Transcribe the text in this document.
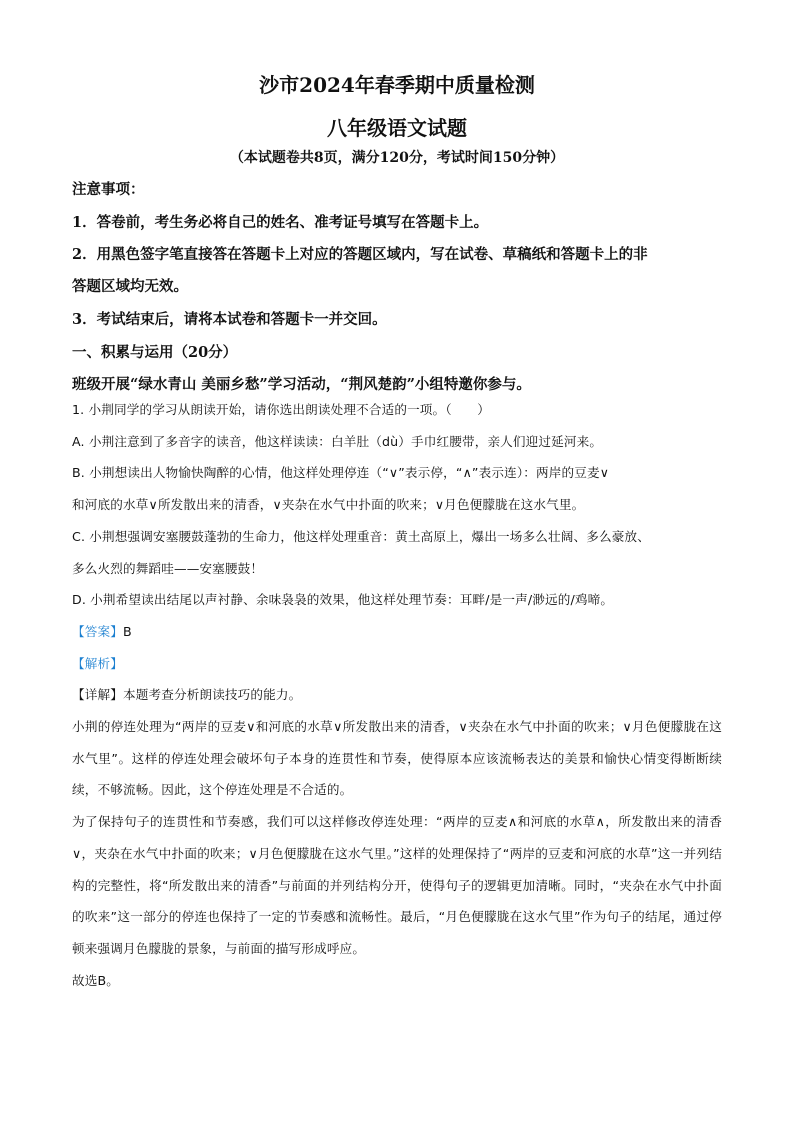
沙市2024年春季期中质量检测
八年级语文试题
（本试题卷共8页，满分120分，考试时间150分钟）
注意事项：
1．答卷前，考生务必将自己的姓名、准考证号填写在答题卡上。
2．用黑色签字笔直接答在答题卡上对应的答题区域内，写在试卷、草稿纸和答题卡上的非
答题区域均无效。
3．考试结束后，请将本试卷和答题卡一并交回。
一、积累与运用（20分）
班级开展“绿水青山 美丽乡愁”学习活动，“荆风楚韵”小组特邀你参与。

1. 小荆同学的学习从朗读开始，请你选出朗读处理不合适的一项。（　　）

A. 小荆注意到了多音字的读音，他这样读读：白羊肚（dù）手巾红腰带，亲人们迎过延河来。

B. 小荆想读出人物愉快陶醉的心情，他这样处理停连（“∨”表示停，“∧”表示连）：两岸的豆麦∨

和河底的水草∨所发散出来的清香，∨夹杂在水气中扑面的吹来；∨月色便朦胧在这水气里。

C. 小荆想强调安塞腰鼓蓬勃的生命力，他这样处理重音：黄土高原上，爆出一场多么壮阔、多么豪放、

多么火烈的舞蹈哇——安塞腰鼓！

D. 小荆希望读出结尾以声衬静、余味袅袅的效果，他这样处理节奏：耳畔/是一声/渺远的/鸡啼。

【答案】B

【解析】

【详解】本题考查分析朗读技巧的能力。

小荆的停连处理为“两岸的豆麦∨和河底的水草∨所发散出来的清香，∨夹杂在水气中扑面的吹来；∨月色便朦胧在这水气里”。这样的停连处理会破坏句子本身的连贯性和节奏，使得原本应该流畅表达的美景和愉快心情变得断断续续，不够流畅。因此，这个停连处理是不合适的。

为了保持句子的连贯性和节奏感，我们可以这样修改停连处理：“两岸的豆麦∧和河底的水草∧，所发散出来的清香∨，夹杂在水气中扑面的吹来；∨月色便朦胧在这水气里。”这样的处理保持了“两岸的豆麦和河底的水草”这一并列结构的完整性，将“所发散出来的清香”与前面的并列结构分开，使得句子的逻辑更加清晰。同时，“夹杂在水气中扑面的吹来”这一部分的停连也保持了一定的节奏感和流畅性。最后，“月色便朦胧在这水气里”作为句子的结尾，通过停顿来强调月色朦胧的景象，与前面的描写形成呼应。

故选B。
